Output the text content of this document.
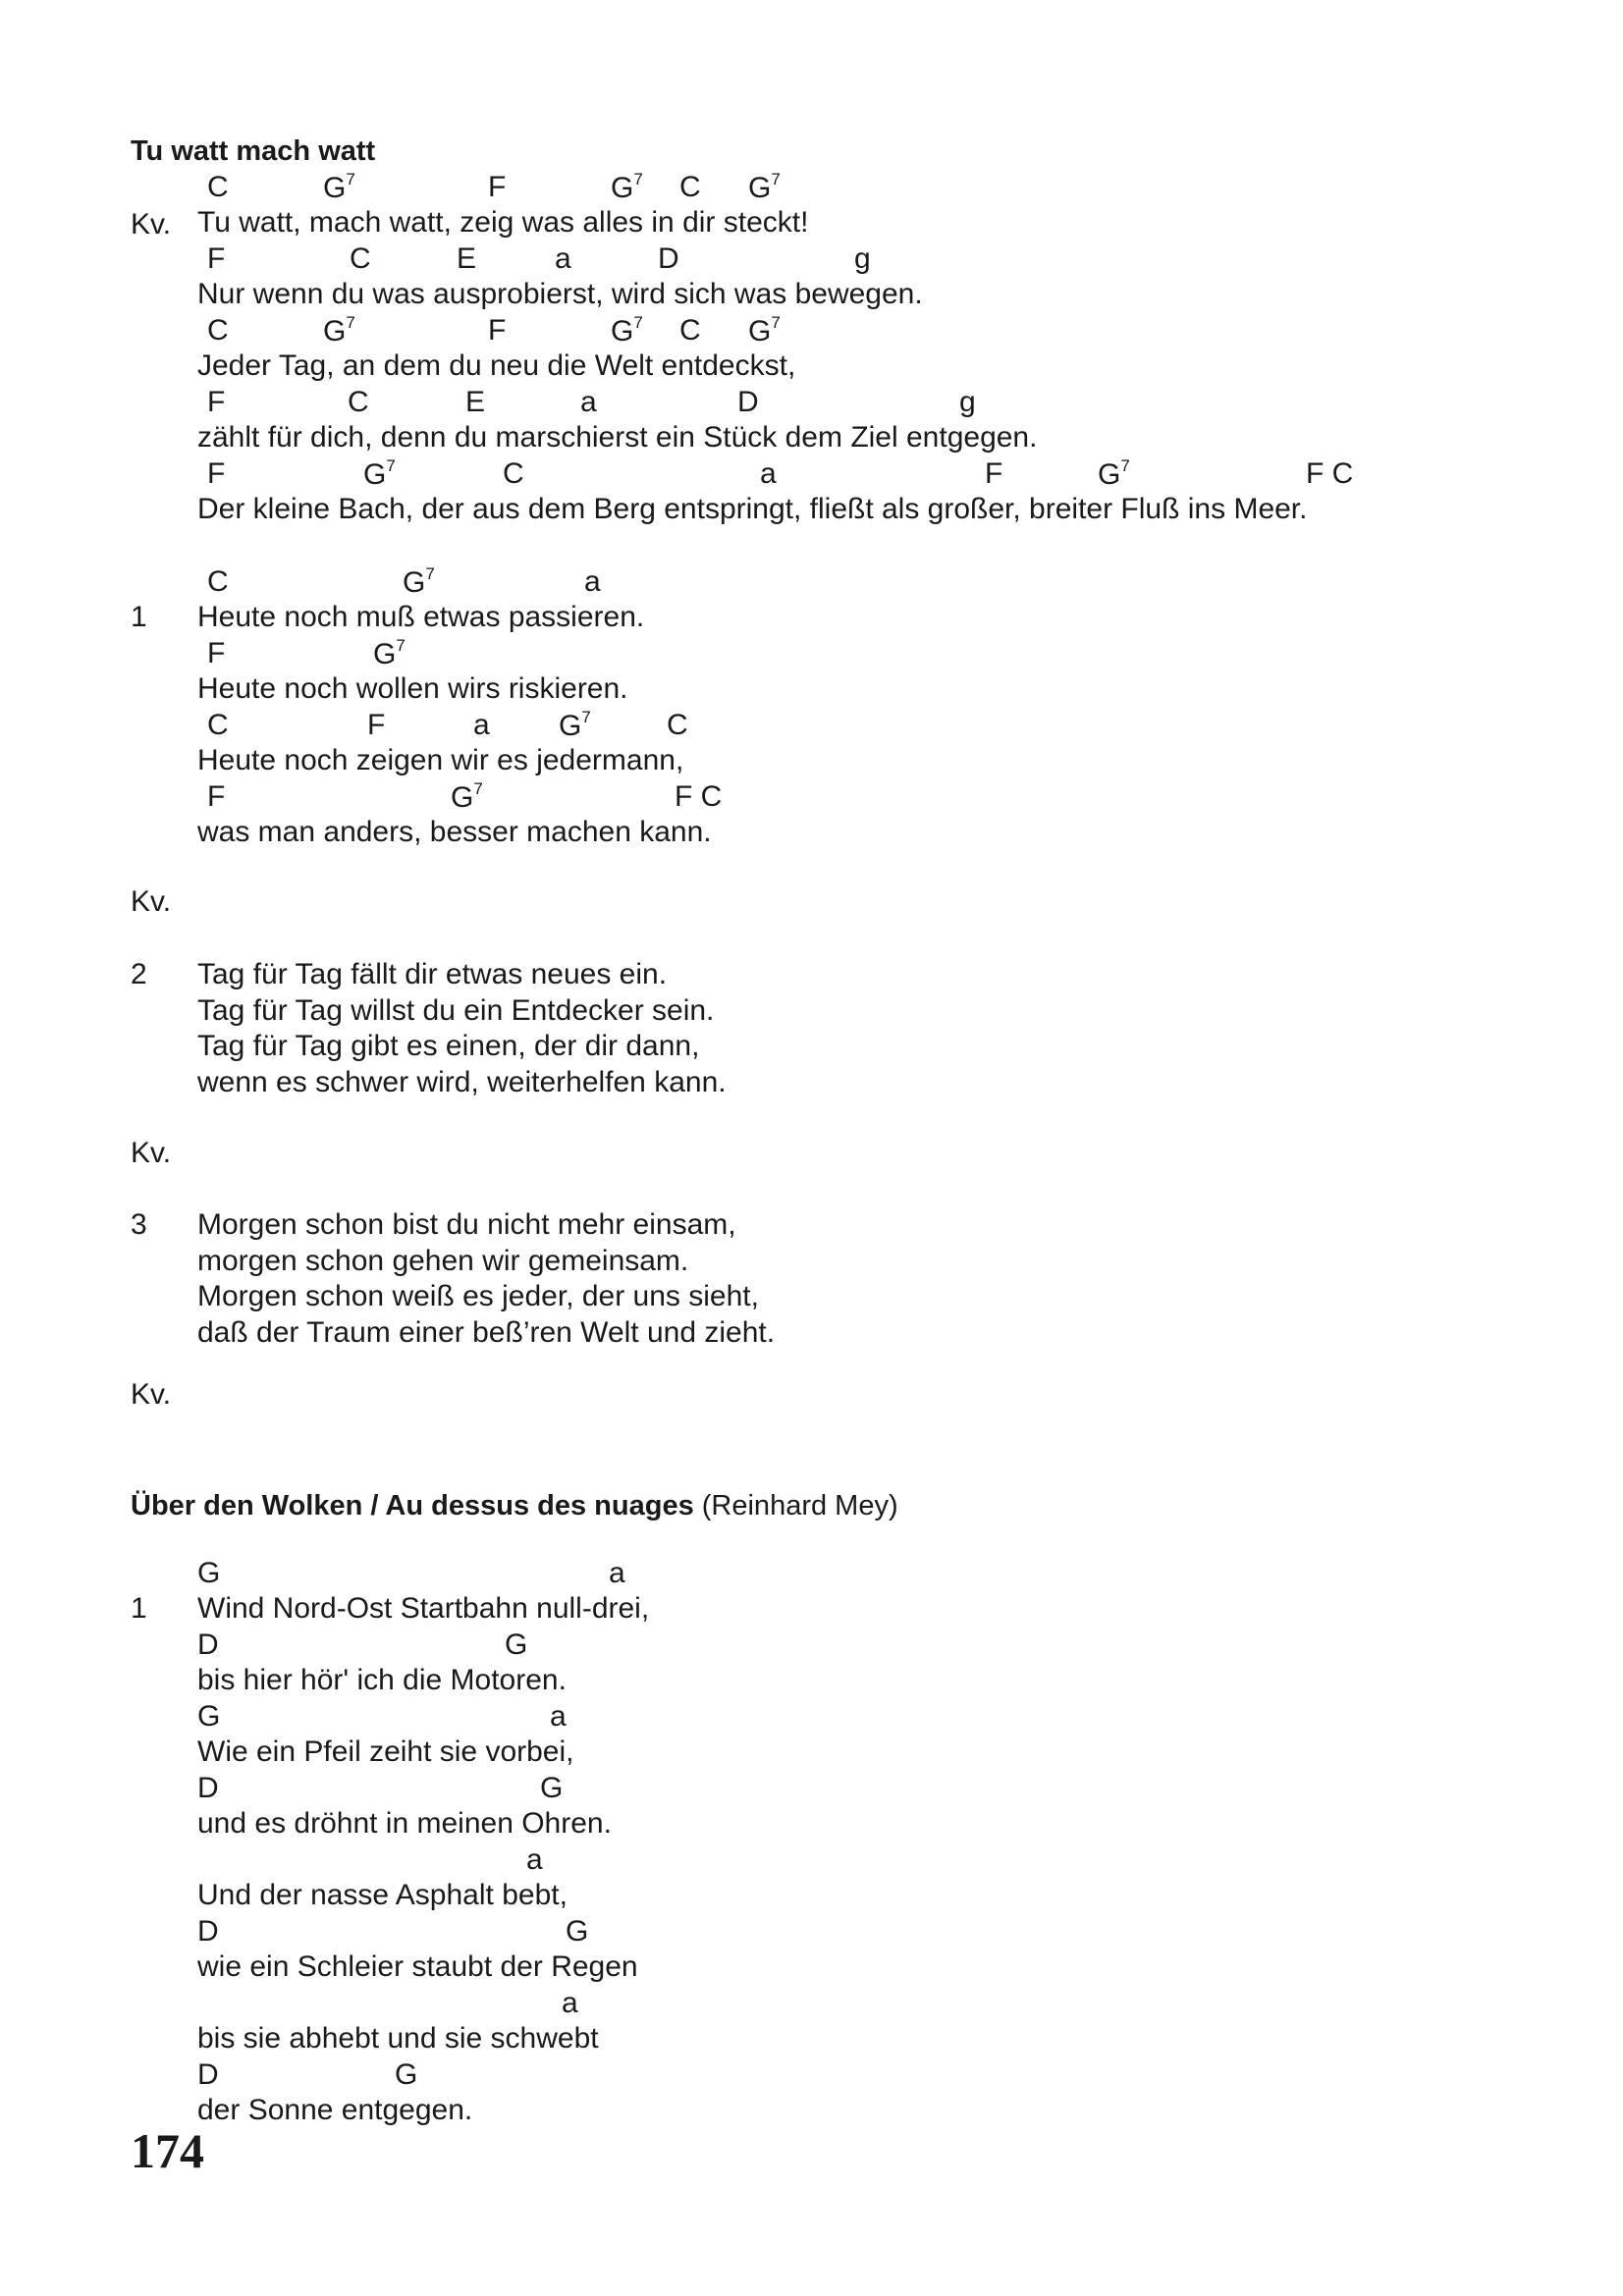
Tu watt mach watt
Kv.
1
Kv.
2
Kv.
3
Kv.
Über den Wolken / Au dessus des nuages (Reinhard Mey)
1
C	$G^7$	F	$G^7$ C $G^7$
Tu watt, mach watt, zeig was alles in dir steckt!
F	C	E	a	D	g
Nur wenn du was ausprobierst, wird sich was bewegen.
C	$G^7$	F	$G^7$ C $G^7$
Jeder Tag, an dem du neu die Welt entdeckst,
F	C	E	a	D	g
zählt für dich, denn du marschierst ein Stück dem Ziel entgegen.
F	$G^7$	C	a	F	$G^7$	F C
Der kleine Bach, der aus dem Berg entspringt, fließt als großer, breiter Fluß ins Meer.
C	$G^7$	a
Heute noch muß etwas passieren.
F	$G^7$
Heute noch wollen wirs riskieren.
C	F	a $G^7$	C
Heute noch zeigen wir es jedermann,
F	$G^7$	F C
was man anders, besser machen kann.
Tag für Tag fällt dir etwas neues ein.
Tag für Tag willst du ein Entdecker sein.
Tag für Tag gibt es einen, der dir dann,
wenn es schwer wird, weiterhelfen kann.
Morgen schon bist du nicht mehr einsam,
morgen schon gehen wir gemeinsam.
Morgen schon weiß es jeder, der uns sieht,
daß der Traum einer beß’ren Welt und zieht.
G	a
Wind Nord-Ost Startbahn null-drei,
D	G
bis hier hör' ich die Motoren.
G	a
Wie ein Pfeil zeiht sie vorbei,
D	G
und es dröhnt in meinen Ohren.
a
Und der nasse Asphalt bebt,
D	G
wie ein Schleier staubt der Regen
a
bis sie abhebt und sie schwebt
D	G
der Sonne entgegen.
174
